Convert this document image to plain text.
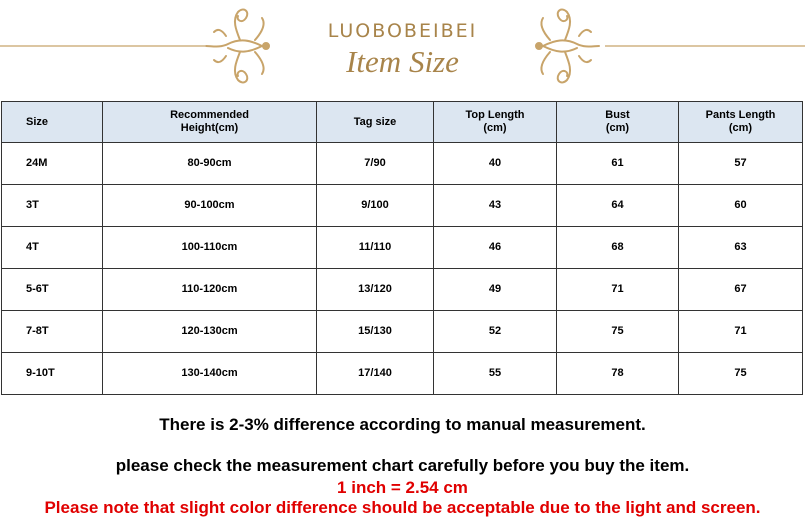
LUOBOBEIBEI
Item Size
Size	Recommended Height(cm)	Tag size	Top Length (cm)	Bust (cm)	Pants Length (cm)
24M	80-90cm	7/90	40	61	57
3T	90-100cm	9/100	43	64	60
4T	100-110cm	11/110	46	68	63
5-6T	110-120cm	13/120	49	71	67
7-8T	120-130cm	15/130	52	75	71
9-10T	130-140cm	17/140	55	78	75
There is 2-3% difference according to manual measurement.
please check the measurement chart carefully before you buy the item.
1 inch = 2.54 cm
Please note that slight color difference should be acceptable due to the light and screen.
